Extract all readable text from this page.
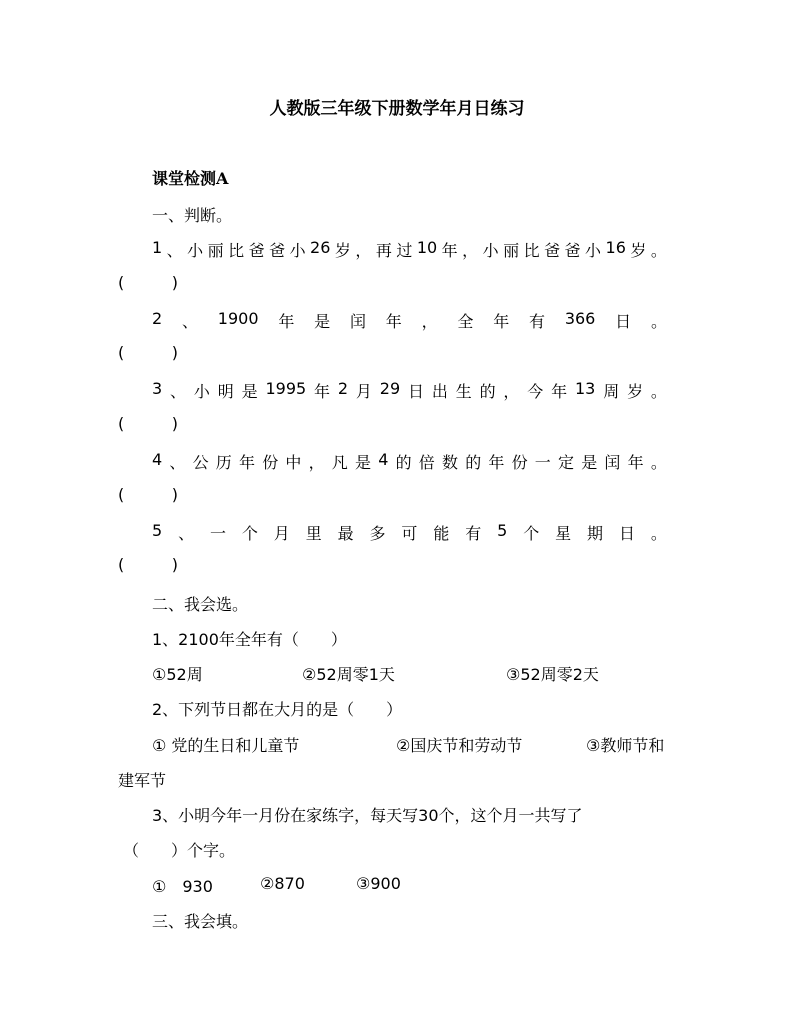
人教版三年级下册数学年月日练习
课堂检测A
一、判断。
1 、 小 丽 比 爸 爸 小 26 岁 ， 再 过 10 年 ， 小 丽 比 爸 爸 小 16 岁 。
(	)
2 、 1900 年 是 闰 年 ， 全 年 有 366 日 。
(	)
3 、 小 明 是 1995 年 2 月 29 日 出 生 的 ， 今 年 13 周 岁 。
(	)
4 、 公 历 年 份 中 ， 凡 是 4 的 倍 数 的 年 份 一 定 是 闰 年 。
(	)
5 、 一 个 月 里 最 多 可 能 有 5 个 星 期 日 。
(	)
二、我会选。
1、2100年全年有（　　）
①52周	②52周零1天	③52周零2天
2、下列节日都在大月的是（　　）
① 党的生日和儿童节	②国庆节和劳动节	③教师节和
建军节
3、小明今年一月份在家练字，每天写30个，这个月一共写了
（　　）个字。
①　930	②870	③900
三、我会填。
